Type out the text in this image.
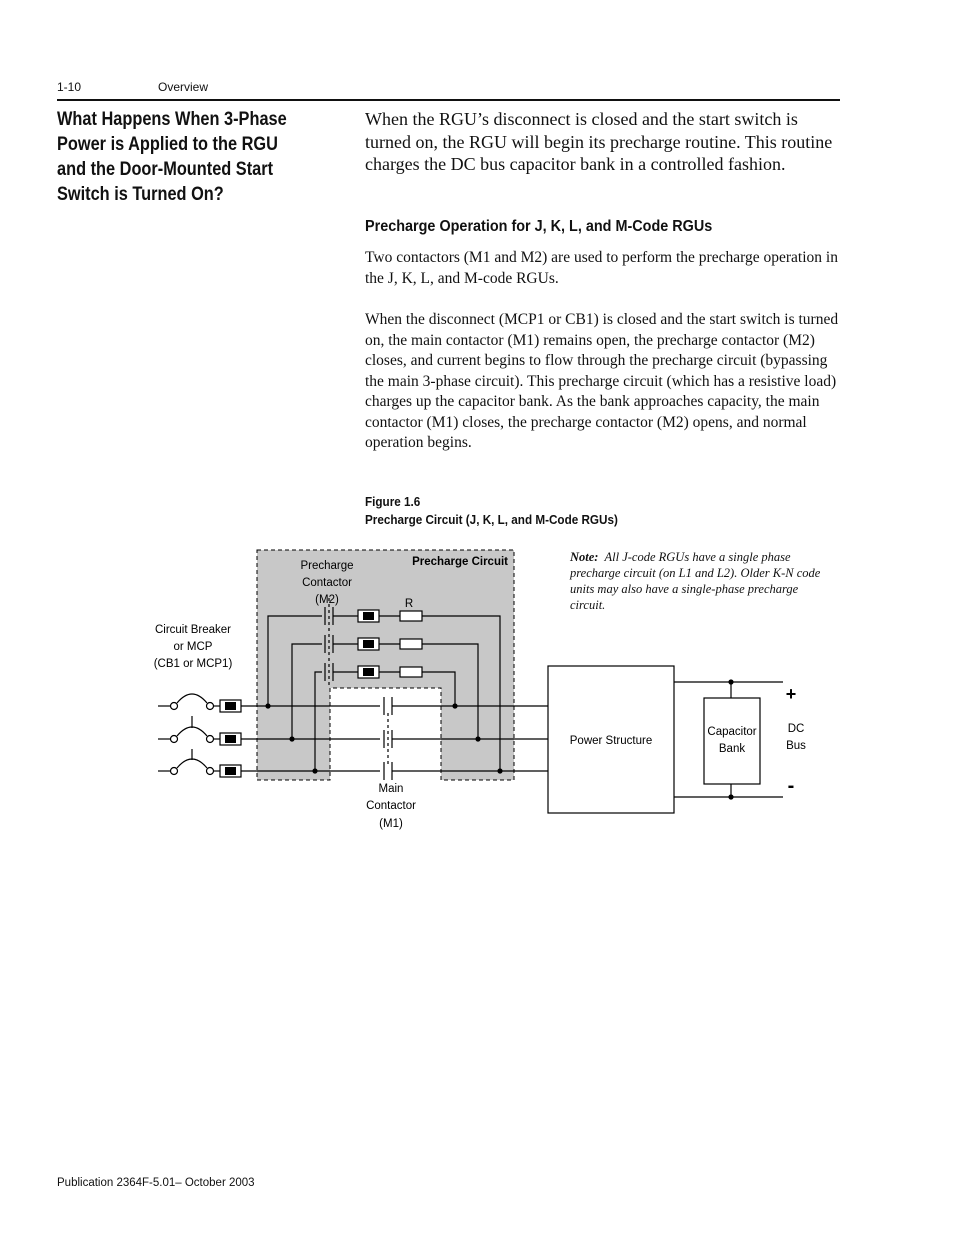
1-10	Overview
What Happens When 3-Phase Power is Applied to the RGU and the Door-Mounted Start Switch is Turned On?
When the RGU’s disconnect is closed and the start switch is turned on, the RGU will begin its precharge routine. This routine charges the DC bus capacitor bank in a controlled fashion.
Precharge Operation for J, K, L, and M-Code RGUs
Two contactors (M1 and M2) are used to perform the precharge operation in the J, K, L, and M-code RGUs.
When the disconnect (MCP1 or CB1) is closed and the start switch is turned on, the main contactor (M1) remains open, the precharge contactor (M2) closes, and current begins to flow through the precharge circuit (bypassing the main 3-phase circuit). This precharge circuit (which has a resistive load) charges up the capacitor bank. As the bank approaches capacity, the main contactor (M1) closes, the precharge contactor (M2) opens, and normal operation begins.
Figure 1.6
Precharge Circuit (J, K, L, and M-Code RGUs)
Precharge Circuit
Precharge
Contactor
(M2)	R
Circuit Breaker
or MCP
(CB1 or MCP1)
Main
Contactor
(M1)
Power Structure
Capacitor
Bank
DC
Bus
+
-
Note: All J-code RGUs have a single phase precharge circuit (on L1 and L2). Older K-N code units may also have a single-phase precharge circuit.
Publication 2364F-5.01– October 2003
